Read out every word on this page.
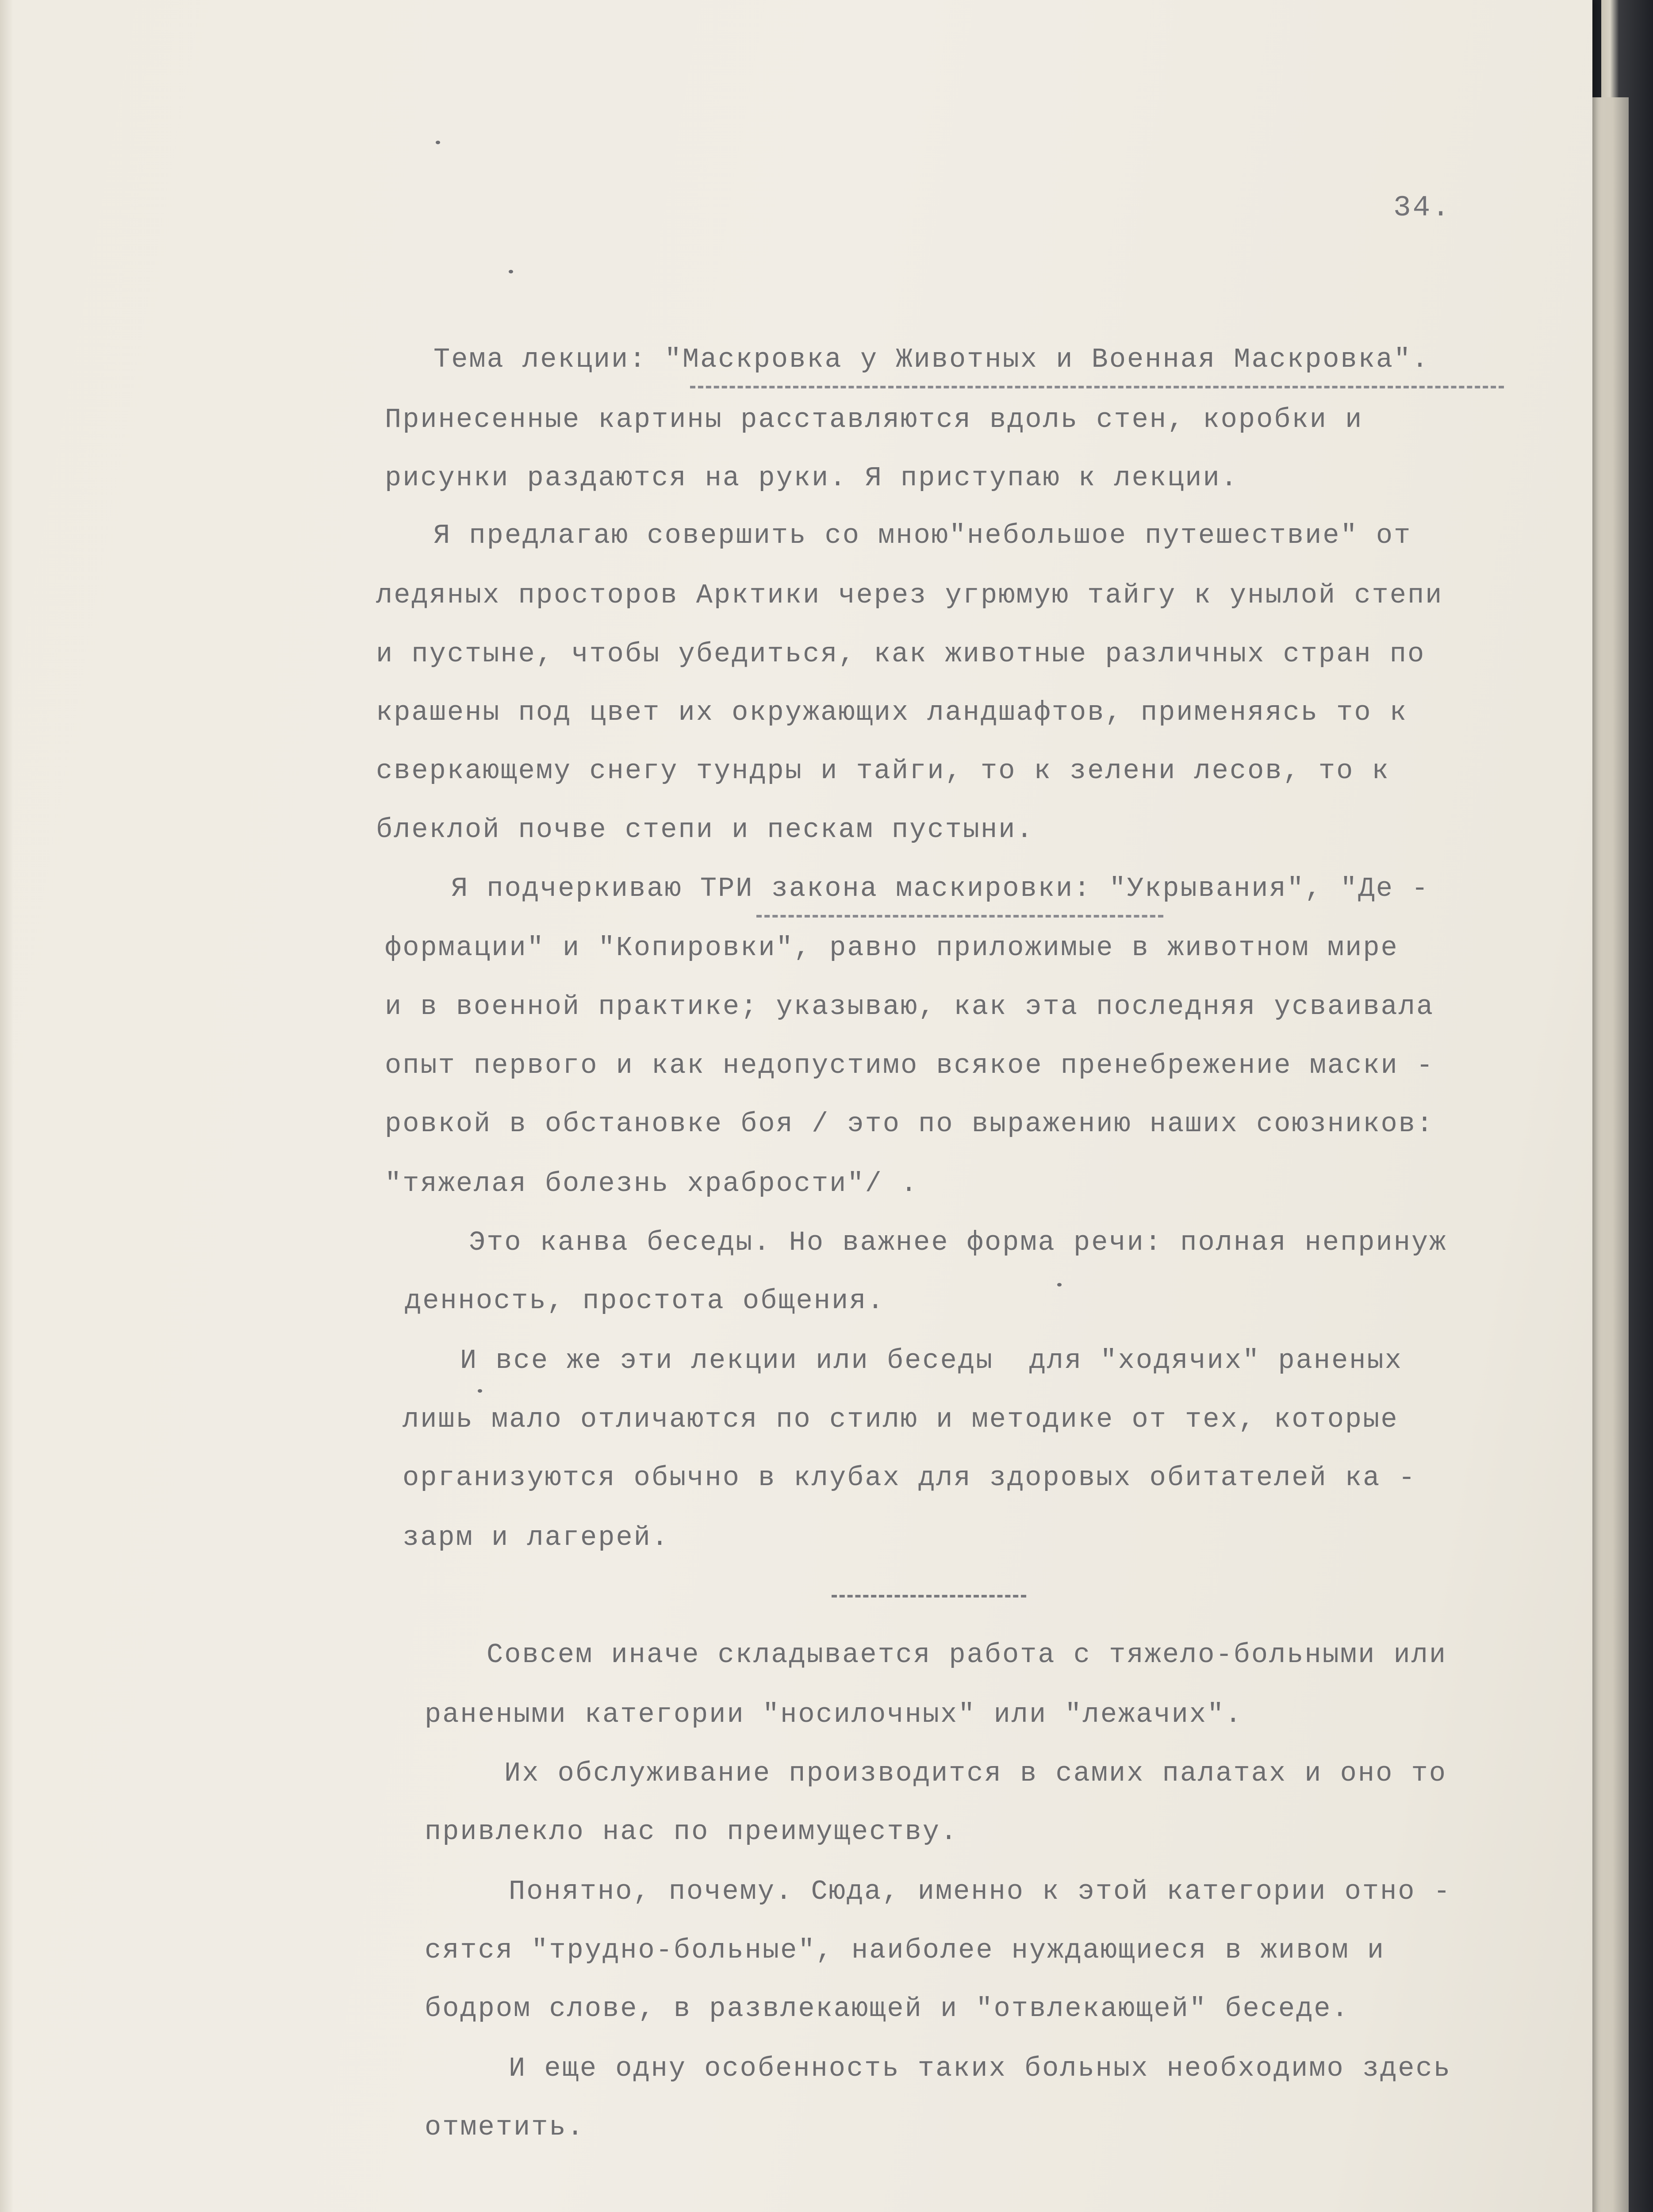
34.

Тема лекции: "Маскровка у Животных и Военная Маскровка".

Принесенные картины расставляются вдоль стен, коробки и

рисунки раздаются на руки. Я приступаю к лекции.

Я предлагаю совершить со мною"небольшое путешествие" от

ледяных просторов Арктики через угрюмую тайгу к унылой степи

и пустыне, чтобы убедиться, как животные различных стран по

крашены под цвет их окружающих ландшафтов, применяясь то к

сверкающему снегу тундры и тайги, то к зелени лесов, то к

блеклой почве степи и пескам пустыни.

Я подчеркиваю ТРИ закона маскировки: "Укрывания", "Де -

формации" и "Копировки", равно приложимые в животном мире

и в военной практике; указываю, как эта последняя усваивала

опыт первого и как недопустимо всякое пренебрежение маски -

ровкой в обстановке боя / это по выражению наших союзников:

"тяжелая болезнь храбрости"/ .

Это канва беседы. Но важнее форма речи: полная непринуж

денность, простота общения.

И все же эти лекции или беседы  для "ходячих" раненых

лишь мало отличаются по стилю и методике от тех, которые

организуются обычно в клубах для здоровых обитателей ка -

зарм и лагерей.

Совсем иначе складывается работа с тяжело-больными или

ранеными категории "носилочных" или "лежачих".

Их обслуживание производится в самих палатах и оно то

привлекло нас по преимуществу.

Понятно, почему. Сюда, именно к этой категории отно -

сятся "трудно-больные", наиболее нуждающиеся в живом и

бодром слове, в развлекающей и "отвлекающей" беседе.

И еще одну особенность таких больных необходимо здесь

отметить.
